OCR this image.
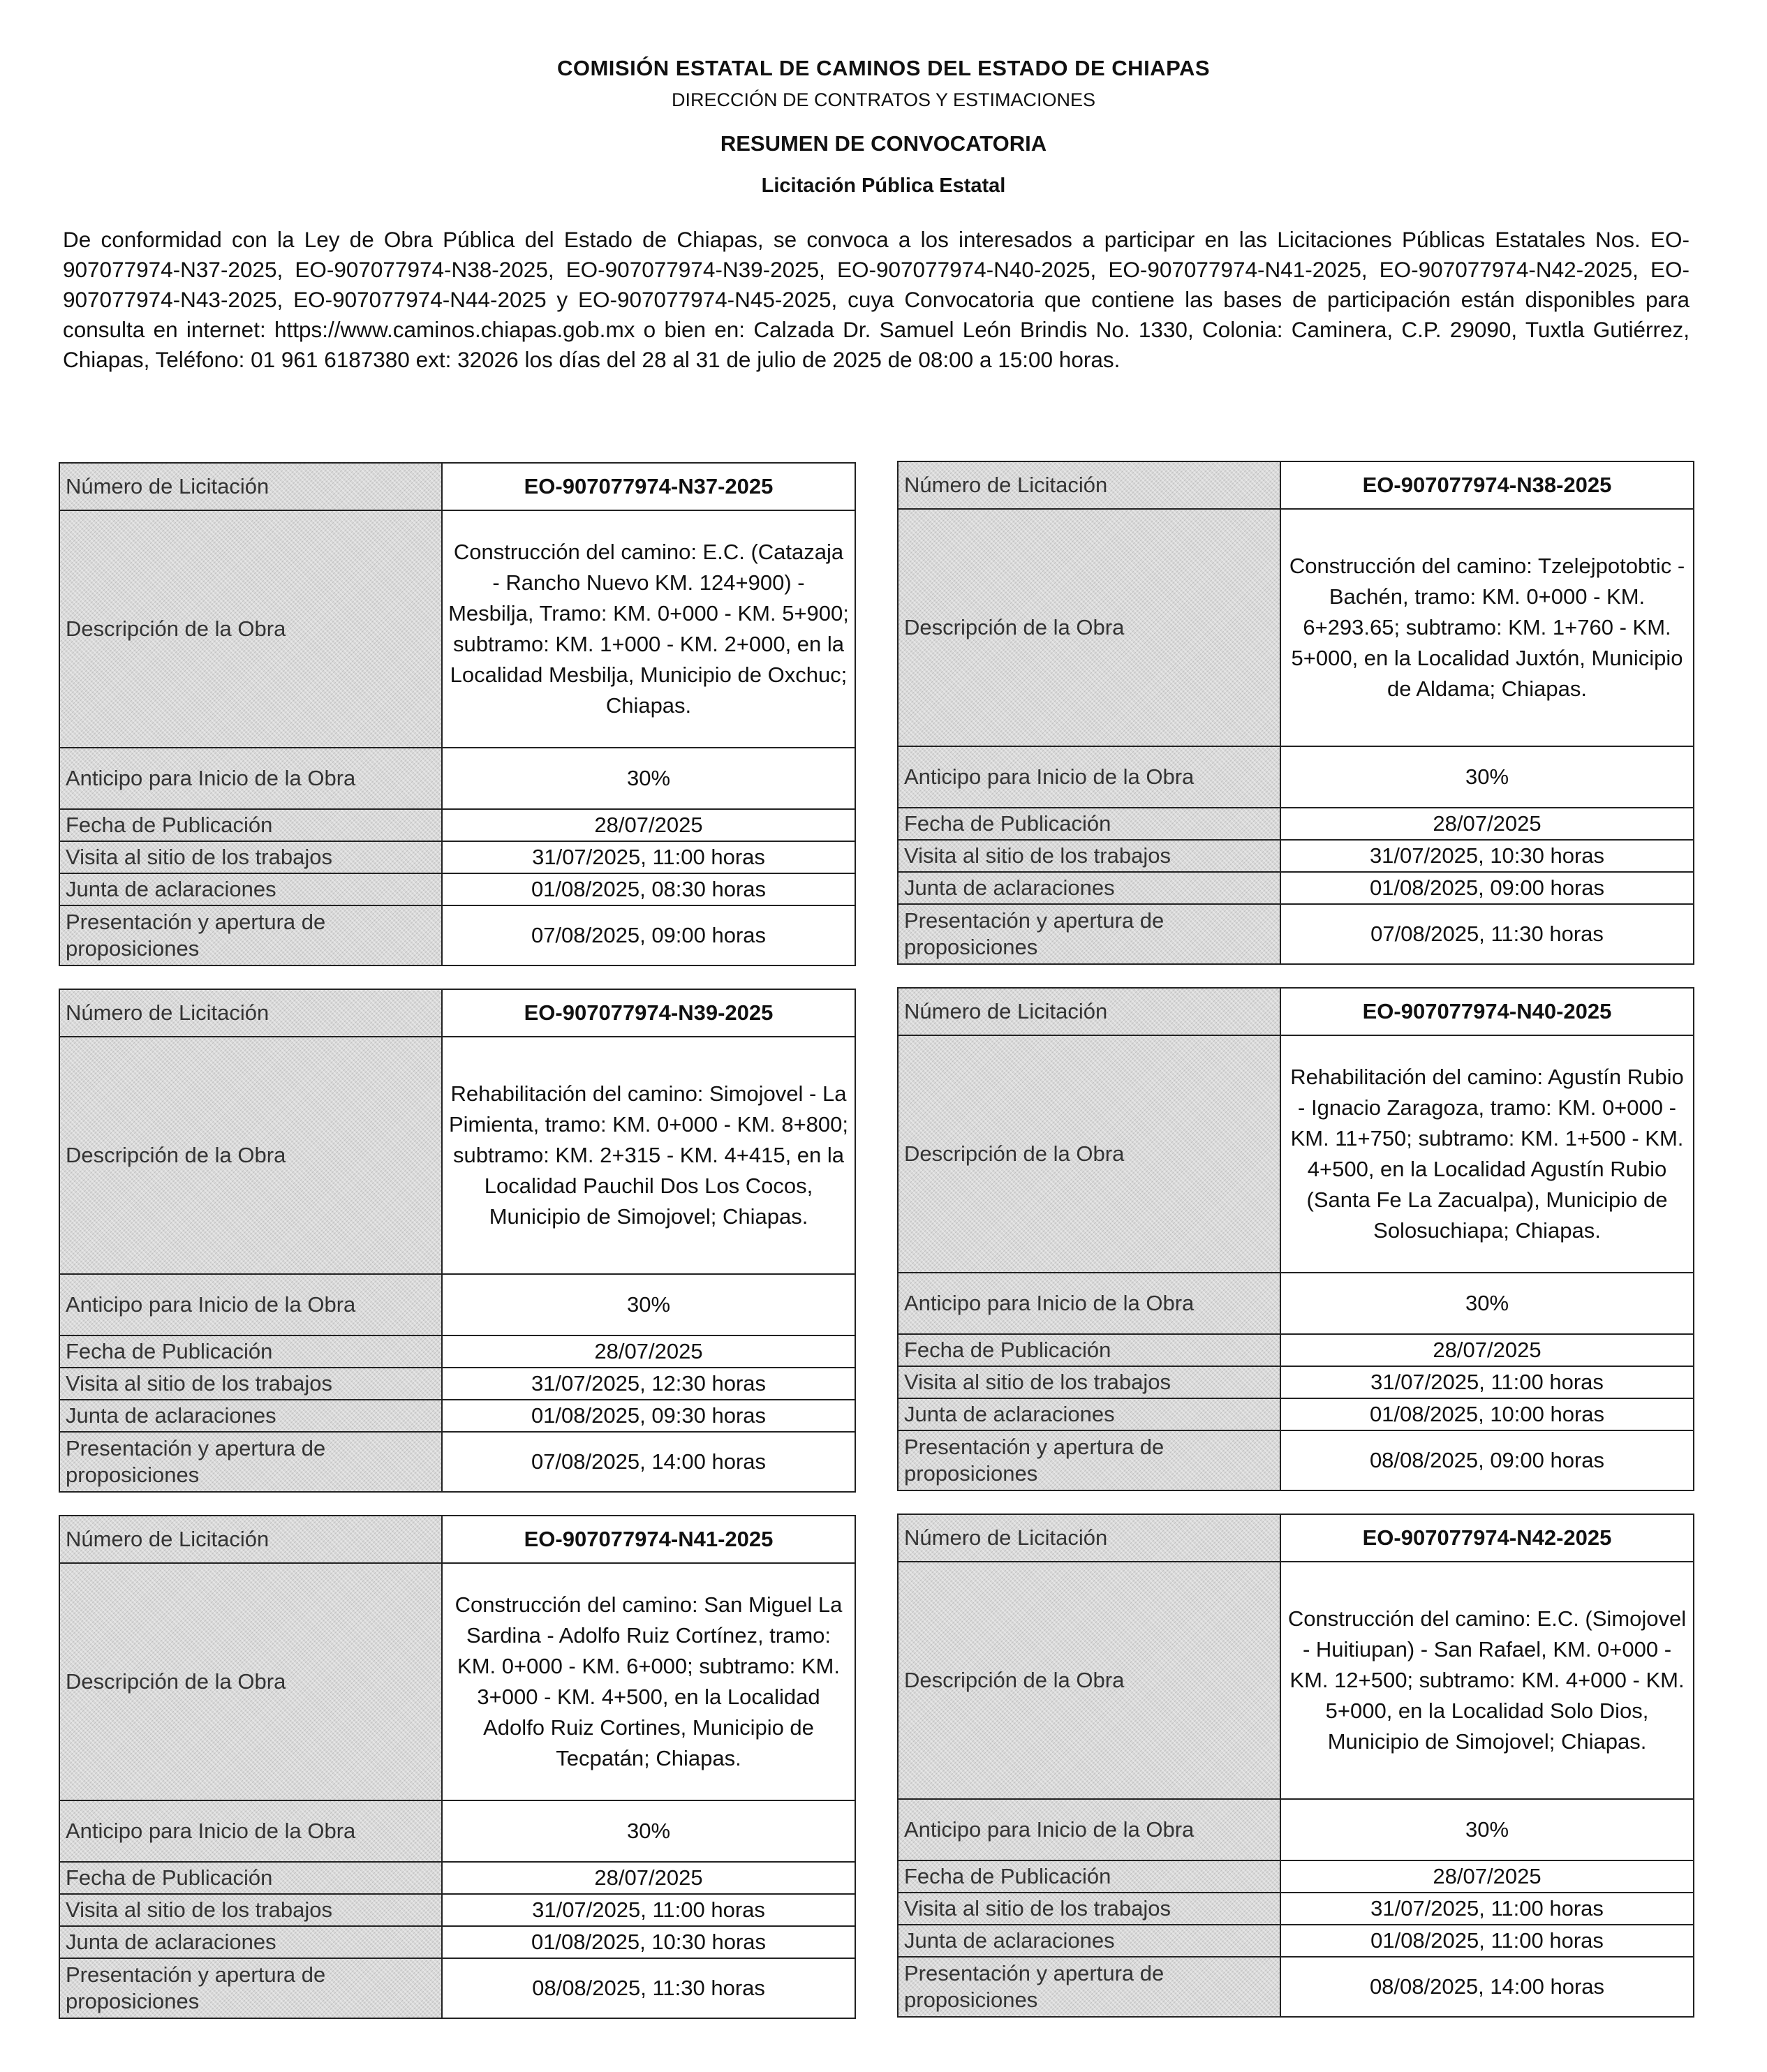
COMISIÓN ESTATAL DE CAMINOS DEL ESTADO DE CHIAPAS
DIRECCIÓN DE CONTRATOS Y ESTIMACIONES
RESUMEN DE CONVOCATORIA
Licitación Pública Estatal
De conformidad con la Ley de Obra Pública del Estado de Chiapas, se convoca a los interesados a participar en las Licitaciones Públicas Estatales Nos. EO-907077974-N37-2025, EO-907077974-N38-2025, EO-907077974-N39-2025, EO-907077974-N40-2025, EO-907077974-N41-2025, EO-907077974-N42-2025, EO-907077974-N43-2025, EO-907077974-N44-2025 y EO-907077974-N45-2025, cuya Convocatoria que contiene las bases de participación están disponibles para consulta en internet: https://www.caminos.chiapas.gob.mx o bien en: Calzada Dr. Samuel León Brindis No. 1330, Colonia: Caminera, C.P. 29090, Tuxtla Gutiérrez, Chiapas, Teléfono: 01 961 6187380 ext: 32026 los días del 28 al 31 de julio de 2025 de 08:00 a 15:00 horas.
Número de Licitación	EO-907077974-N37-2025
Descripción de la Obra	Construcción del camino: E.C. (Catazaja - Rancho Nuevo KM. 124+900) - Mesbilja, Tramo: KM. 0+000 - KM. 5+900; subtramo: KM. 1+000 - KM. 2+000, en la Localidad Mesbilja, Municipio de Oxchuc; Chiapas.
Anticipo para Inicio de la Obra	30%
Fecha de Publicación	28/07/2025
Visita al sitio de los trabajos	31/07/2025, 11:00 horas
Junta de aclaraciones	01/08/2025, 08:30 horas
Presentación y apertura de proposiciones	07/08/2025, 09:00 horas
Número de Licitación	EO-907077974-N38-2025
Descripción de la Obra	Construcción del camino: Tzelejpotobtic - Bachén, tramo: KM. 0+000 - KM. 6+293.65; subtramo: KM. 1+760 - KM. 5+000, en la Localidad Juxtón, Municipio de Aldama; Chiapas.
Anticipo para Inicio de la Obra	30%
Fecha de Publicación	28/07/2025
Visita al sitio de los trabajos	31/07/2025, 10:30 horas
Junta de aclaraciones	01/08/2025, 09:00 horas
Presentación y apertura de proposiciones	07/08/2025, 11:30 horas
Número de Licitación	EO-907077974-N39-2025
Descripción de la Obra	Rehabilitación del camino: Simojovel - La Pimienta, tramo: KM. 0+000 - KM. 8+800; subtramo: KM. 2+315 - KM. 4+415, en la Localidad Pauchil Dos Los Cocos, Municipio de Simojovel; Chiapas.
Anticipo para Inicio de la Obra	30%
Fecha de Publicación	28/07/2025
Visita al sitio de los trabajos	31/07/2025, 12:30 horas
Junta de aclaraciones	01/08/2025, 09:30 horas
Presentación y apertura de proposiciones	07/08/2025, 14:00 horas
Número de Licitación	EO-907077974-N40-2025
Descripción de la Obra	Rehabilitación del camino: Agustín Rubio - Ignacio Zaragoza, tramo: KM. 0+000 - KM. 11+750; subtramo: KM. 1+500 - KM. 4+500, en la Localidad Agustín Rubio (Santa Fe La Zacualpa), Municipio de Solosuchiapa; Chiapas.
Anticipo para Inicio de la Obra	30%
Fecha de Publicación	28/07/2025
Visita al sitio de los trabajos	31/07/2025, 11:00 horas
Junta de aclaraciones	01/08/2025, 10:00 horas
Presentación y apertura de proposiciones	08/08/2025, 09:00 horas
Número de Licitación	EO-907077974-N41-2025
Descripción de la Obra	Construcción del camino: San Miguel La Sardina - Adolfo Ruiz Cortínez, tramo: KM. 0+000 - KM. 6+000; subtramo: KM. 3+000 - KM. 4+500, en la Localidad Adolfo Ruiz Cortines, Municipio de Tecpatán; Chiapas.
Anticipo para Inicio de la Obra	30%
Fecha de Publicación	28/07/2025
Visita al sitio de los trabajos	31/07/2025, 11:00 horas
Junta de aclaraciones	01/08/2025, 10:30 horas
Presentación y apertura de proposiciones	08/08/2025, 11:30 horas
Número de Licitación	EO-907077974-N42-2025
Descripción de la Obra	Construcción del camino: E.C. (Simojovel - Huitiupan) - San Rafael, KM. 0+000 - KM. 12+500; subtramo: KM. 4+000 - KM. 5+000, en la Localidad Solo Dios, Municipio de Simojovel; Chiapas.
Anticipo para Inicio de la Obra	30%
Fecha de Publicación	28/07/2025
Visita al sitio de los trabajos	31/07/2025, 11:00 horas
Junta de aclaraciones	01/08/2025, 11:00 horas
Presentación y apertura de proposiciones	08/08/2025, 14:00 horas
